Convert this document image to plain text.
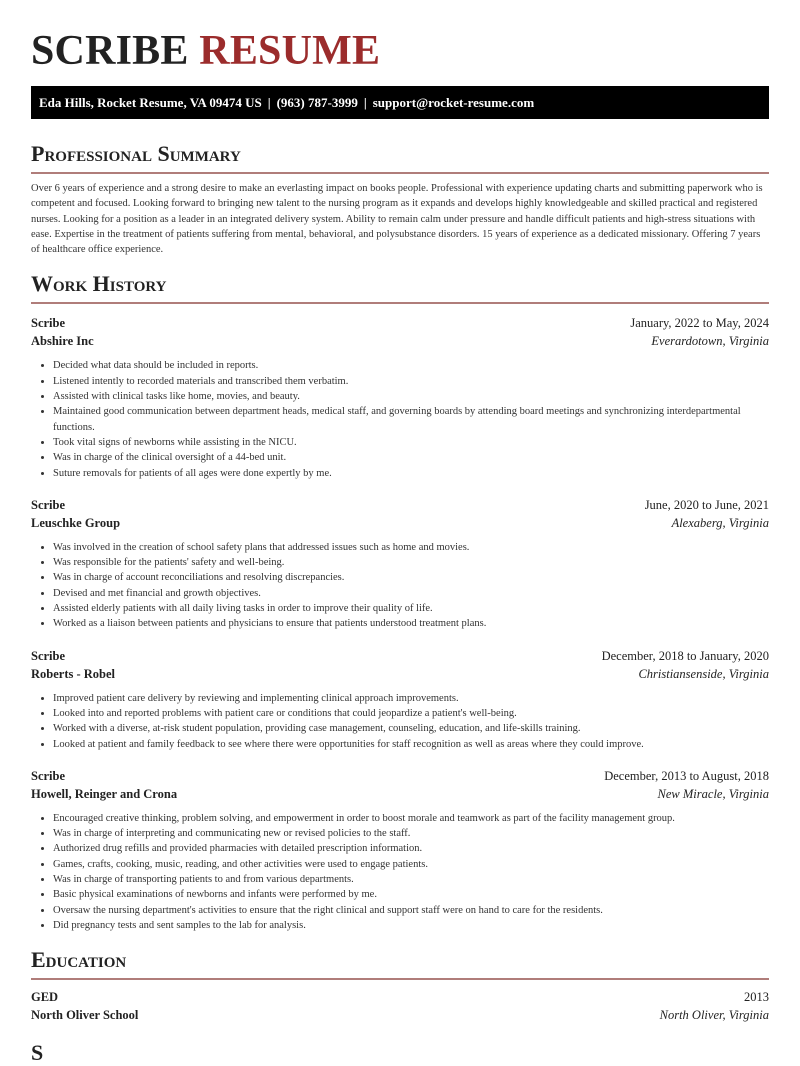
SCRIBE RESUME
Eda Hills, Rocket Resume, VA 09474 US | (963) 787-3999 | support@rocket-resume.com
Professional Summary

Over 6 years of experience and a strong desire to make an everlasting impact on books people. Professional with experience updating charts and submitting paperwork who is competent and focused. Looking forward to bringing new talent to the nursing program as it expands and develops highly knowledgeable and skilled practical and registered nurses. Looking for a position as a leader in an integrated delivery system. Ability to remain calm under pressure and handle difficult patients and high-stress situations with ease. Expertise in the treatment of patients suffering from mental, behavioral, and polysubstance disorders. 15 years of experience as a dedicated missionary. Offering 7 years of healthcare office experience.

Work History
Scribe	January, 2022 to May, 2024
Abshire Inc	Everardotown, Virginia
• Decided what data should be included in reports.
• Listened intently to recorded materials and transcribed them verbatim.
• Assisted with clinical tasks like home, movies, and beauty.
• Maintained good communication between department heads, medical staff, and governing boards by attending board meetings and synchronizing interdepartmental functions.
• Took vital signs of newborns while assisting in the NICU.
• Was in charge of the clinical oversight of a 44-bed unit.
• Suture removals for patients of all ages were done expertly by me.
Scribe	June, 2020 to June, 2021
Leuschke Group	Alexaberg, Virginia
• Was involved in the creation of school safety plans that addressed issues such as home and movies.
• Was responsible for the patients' safety and well-being.
• Was in charge of account reconciliations and resolving discrepancies.
• Devised and met financial and growth objectives.
• Assisted elderly patients with all daily living tasks in order to improve their quality of life.
• Worked as a liaison between patients and physicians to ensure that patients understood treatment plans.
Scribe	December, 2018 to January, 2020
Roberts - Robel	Christiansenside, Virginia
• Improved patient care delivery by reviewing and implementing clinical approach improvements.
• Looked into and reported problems with patient care or conditions that could jeopardize a patient's well-being.
• Worked with a diverse, at-risk student population, providing case management, counseling, education, and life-skills training.
• Looked at patient and family feedback to see where there were opportunities for staff recognition as well as areas where they could improve.
Scribe	December, 2013 to August, 2018
Howell, Reinger and Crona	New Miracle, Virginia
• Encouraged creative thinking, problem solving, and empowerment in order to boost morale and teamwork as part of the facility management group.
• Was in charge of interpreting and communicating new or revised policies to the staff.
• Authorized drug refills and provided pharmacies with detailed prescription information.
• Games, crafts, cooking, music, reading, and other activities were used to engage patients.
• Was in charge of transporting patients to and from various departments.
• Basic physical examinations of newborns and infants were performed by me.
• Oversaw the nursing department's activities to ensure that the right clinical and support staff were on hand to care for the residents.
• Did pregnancy tests and sent samples to the lab for analysis.
Education
GED	2013
North Oliver School	North Oliver, Virginia
S
